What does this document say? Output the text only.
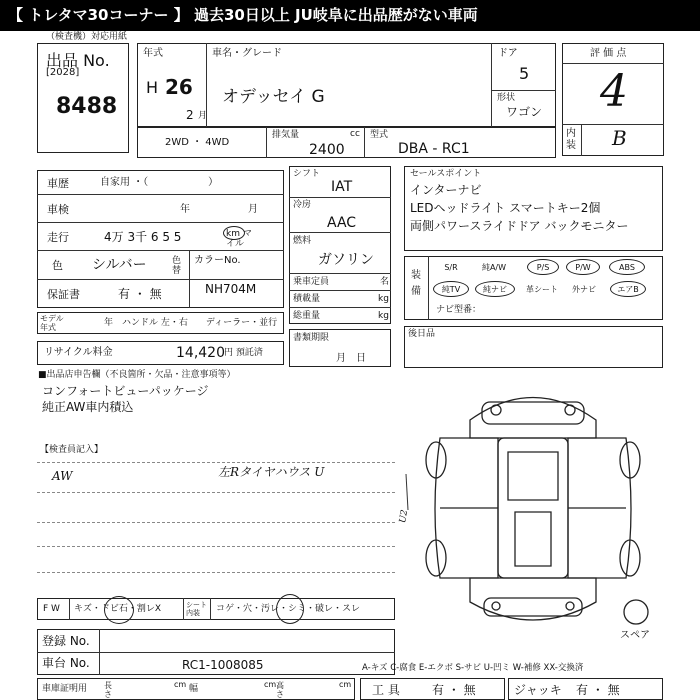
【 トレタマ30コーナー 】 過去30日以上 JU岐阜に出品歴がない車両
（検査機）対応用紙
出品 No.
[2028]
8488
年式
H 26
2 月
車名・グレード
オデッセイ G
ドア
5
形状
ワゴン
評 価 点
4
内装 B
2WD ・ 4WD
排気量	cc
2400
型式
DBA - RC1
車歴	自家用 ・（　　　　　　）
車検	年	月
走行	4万 3千 6 5 5	km マイル
色 シルバー	色替
カラーNo.
保証書	有 ・ 無	NH704M
モデル 年式	年　ハンドル 左・右　　ディーラー・並行
リサイクル料金	14,420 円 預託済
シフト
IAT
冷房
AAC
燃料
ガソリン
乗車定員	名
積載量	kg
総重量	kg
書類期限
月　日
セールスポイント
インターナビ
LEDヘッドライト スマートキー2個
両側パワースライドドア バックモニター
装備
S/R	純A/W	P/S	P/W	ABS
純TV	純ナビ 革シート 外ナビ	エアB
ナビ型番：
後日品
■出品店申告欄（不良箇所・欠品・注意事項等）
コンフォートビューパッケージ
純正AW車内積込
【検査員記入】
AW	左Rタイヤハウス U
F W キズ・ドビ石・割レX	シート内装	コゲ・穴・汚レ・シミ・破レ・スレ
登録 No.
車台 No.	RC1-1008085
車庫証明用 長さ
cm 幅	cm 高さ
cm
A-キズ C-腐食 E-エクボ S-サビ U-凹ミ W-補修 XX-交換済
工 具	有 ・ 無	ジャッキ 有 ・ 無
U2
スペア
